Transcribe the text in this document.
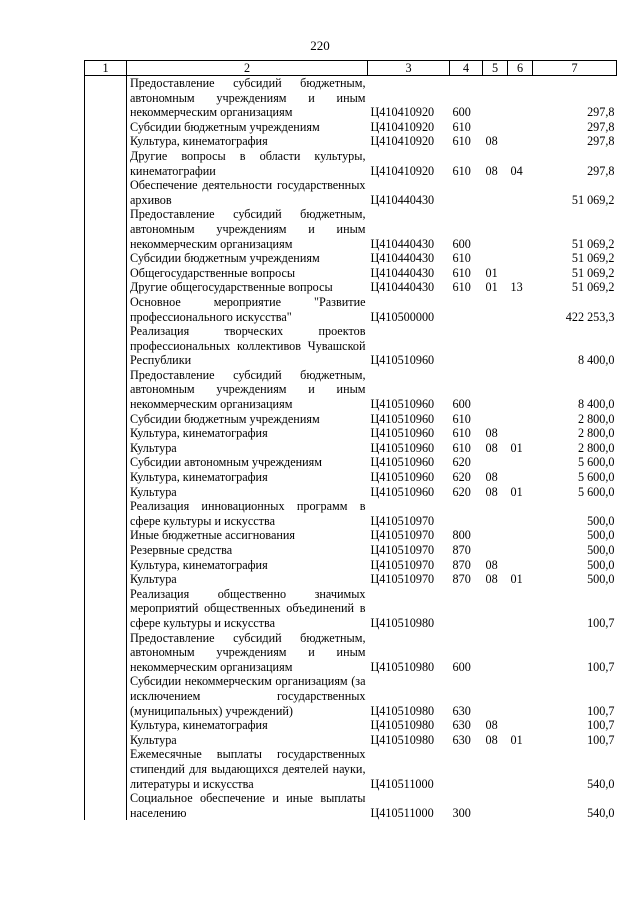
220
1	2	3	4	5	6	7
	Предоставление субсидий бюджетным, автономным учреждениям и иным некоммерческим организациям	Ц410410920	600			297,8
	Субсидии бюджетным учреждениям	Ц410410920	610			297,8
	Культура, кинематография	Ц410410920	610	08		297,8
	Другие вопросы в области культуры, кинематографии	Ц410410920	610	08	04	297,8
	Обеспечение деятельности государственных архивов	Ц410440430				51 069,2
	Предоставление субсидий бюджетным, автономным учреждениям и иным некоммерческим организациям	Ц410440430	600			51 069,2
	Субсидии бюджетным учреждениям	Ц410440430	610			51 069,2
	Общегосударственные вопросы	Ц410440430	610	01		51 069,2
	Другие общегосударственные вопросы	Ц410440430	610	01	13	51 069,2
	Основное мероприятие "Развитие профессионального искусства"	Ц410500000				422 253,3
	Реализация творческих проектов профессиональных коллективов Чувашской Республики	Ц410510960				8 400,0
	Предоставление субсидий бюджетным, автономным учреждениям и иным некоммерческим организациям	Ц410510960	600			8 400,0
	Субсидии бюджетным учреждениям	Ц410510960	610			2 800,0
	Культура, кинематография	Ц410510960	610	08		2 800,0
	Культура	Ц410510960	610	08	01	2 800,0
	Субсидии автономным учреждениям	Ц410510960	620			5 600,0
	Культура, кинематография	Ц410510960	620	08		5 600,0
	Культура	Ц410510960	620	08	01	5 600,0
	Реализация инновационных программ в сфере культуры и искусства	Ц410510970				500,0
	Иные бюджетные ассигнования	Ц410510970	800			500,0
	Резервные средства	Ц410510970	870			500,0
	Культура, кинематография	Ц410510970	870	08		500,0
	Культура	Ц410510970	870	08	01	500,0
	Реализация общественно значимых мероприятий общественных объединений в сфере культуры и искусства	Ц410510980				100,7
	Предоставление субсидий бюджетным, автономным учреждениям и иным некоммерческим организациям	Ц410510980	600			100,7
	Субсидии некоммерческим организациям (за исключением государственных (муниципальных) учреждений)	Ц410510980	630			100,7
	Культура, кинематография	Ц410510980	630	08		100,7
	Культура	Ц410510980	630	08	01	100,7
	Ежемесячные выплаты государственных стипендий для выдающихся деятелей науки, литературы и искусства	Ц410511000				540,0
	Социальное обеспечение и иные выплаты населению	Ц410511000	300			540,0
